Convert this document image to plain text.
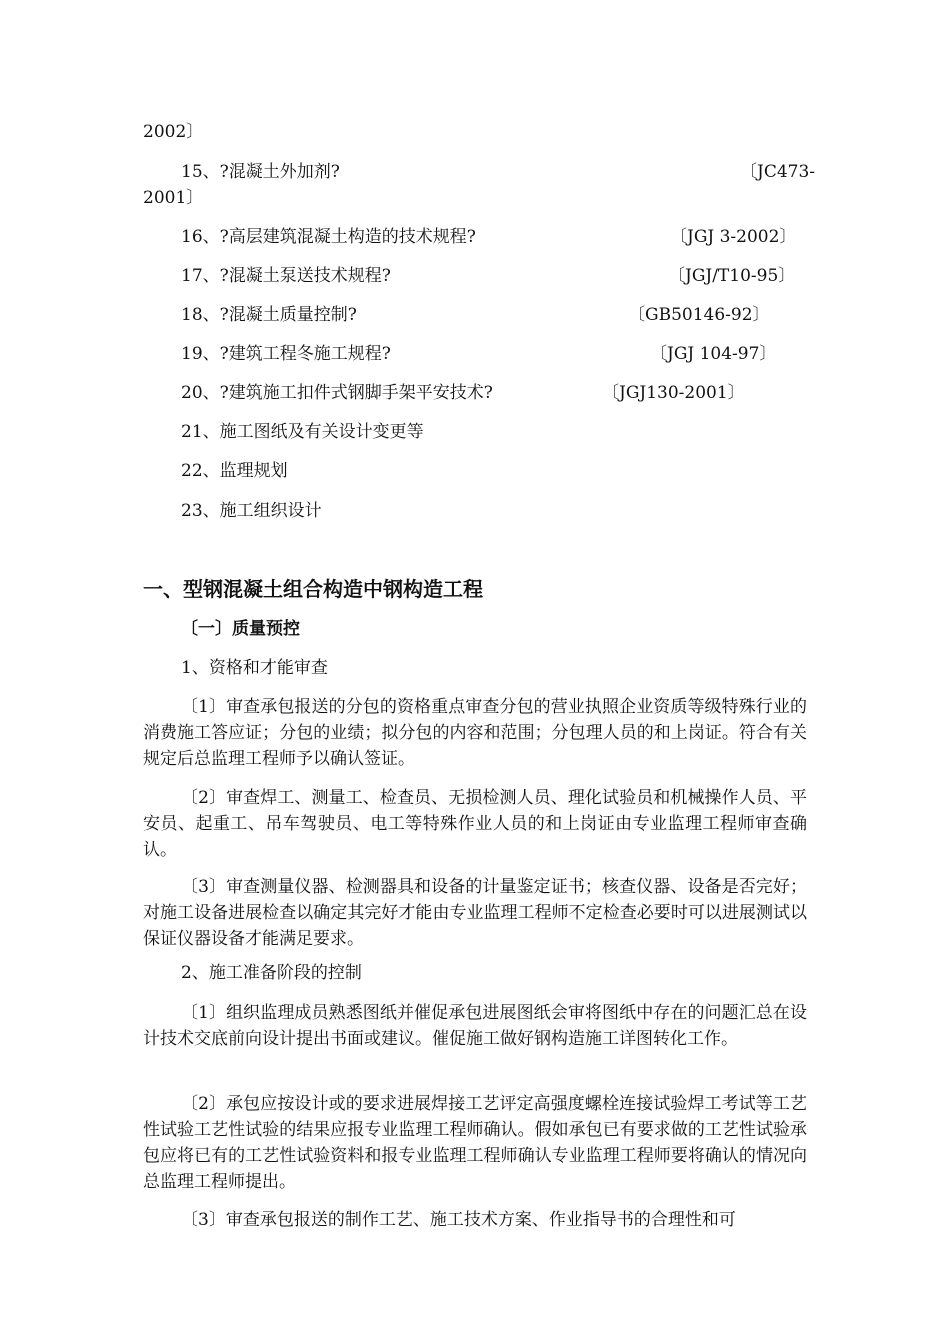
2002〕
15、?混凝土外加剂?	〔JC473-
2001〕
16、?高层建筑混凝土构造的技术规程?	〔JGJ 3-2002〕
17、?混凝土泵送技术规程?	〔JGJ/T10-95〕
18、?混凝土质量控制?	〔GB50146-92〕
19、?建筑工程冬施工规程?	〔JGJ 104-97〕
20、?建筑施工扣件式钢脚手架平安技术?	〔JGJ130-2001〕
21、施工图纸及有关设计变更等
22、监理规划
23、施工组织设计
一、型钢混凝土组合构造中钢构造工程
〔一〕质量预控
1、资格和才能审查
〔1〕审查承包报送的分包的资格重点审查分包的营业执照企业资质等级特殊行业的消费施工答应证；分包的业绩；拟分包的内容和范围；分包理人员的和上岗证。符合有关规定后总监理工程师予以确认签证。
〔2〕审查焊工、测量工、检查员、无损检测人员、理化试验员和机械操作人员、平安员、起重工、吊车驾驶员、电工等特殊作业人员的和上岗证由专业监理工程师审查确认。
〔3〕审查测量仪器、检测器具和设备的计量鉴定证书；核查仪器、设备是否完好；对施工设备进展检查以确定其完好才能由专业监理工程师不定检查必要时可以进展测试以保证仪器设备才能满足要求。
2、施工准备阶段的控制
〔1〕组织监理成员熟悉图纸并催促承包进展图纸会审将图纸中存在的问题汇总在设计技术交底前向设计提出书面或建议。催促施工做好钢构造施工详图转化工作。
〔2〕承包应按设计或的要求进展焊接工艺评定高强度螺栓连接试验焊工考试等工艺性试验工艺性试验的结果应报专业监理工程师确认。假如承包已有要求做的工艺性试验承包应将已有的工艺性试验资料和报专业监理工程师确认专业监理工程师要将确认的情况向总监理工程师提出。
〔3〕审查承包报送的制作工艺、施工技术方案、作业指导书的合理性和可
